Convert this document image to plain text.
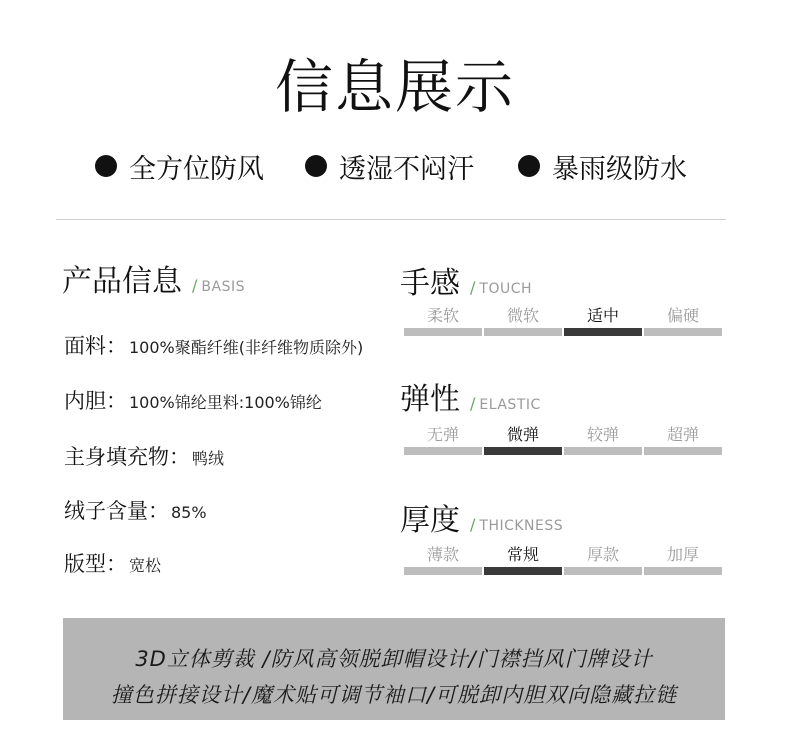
信息展示
全方位防风	透湿不闷汗	暴雨级防水
产品信息 / BASIS
面料： 100%聚酯纤维(非纤维物质除外)
内胆： 100%锦纶里料:100%锦纶
主身填充物： 鸭绒
绒子含量： 85%
版型： 宽松
手感 / TOUCH
柔软	微软	适中	偏硬
弹性 / ELASTIC
无弹	微弹	较弹	超弹
厚度 / THICKNESS
薄款	常规	厚款	加厚
3D立体剪裁 /防风高领脱卸帽设计/门襟挡风门牌设计
撞色拼接设计/魔术贴可调节袖口/可脱卸内胆双向隐藏拉链
